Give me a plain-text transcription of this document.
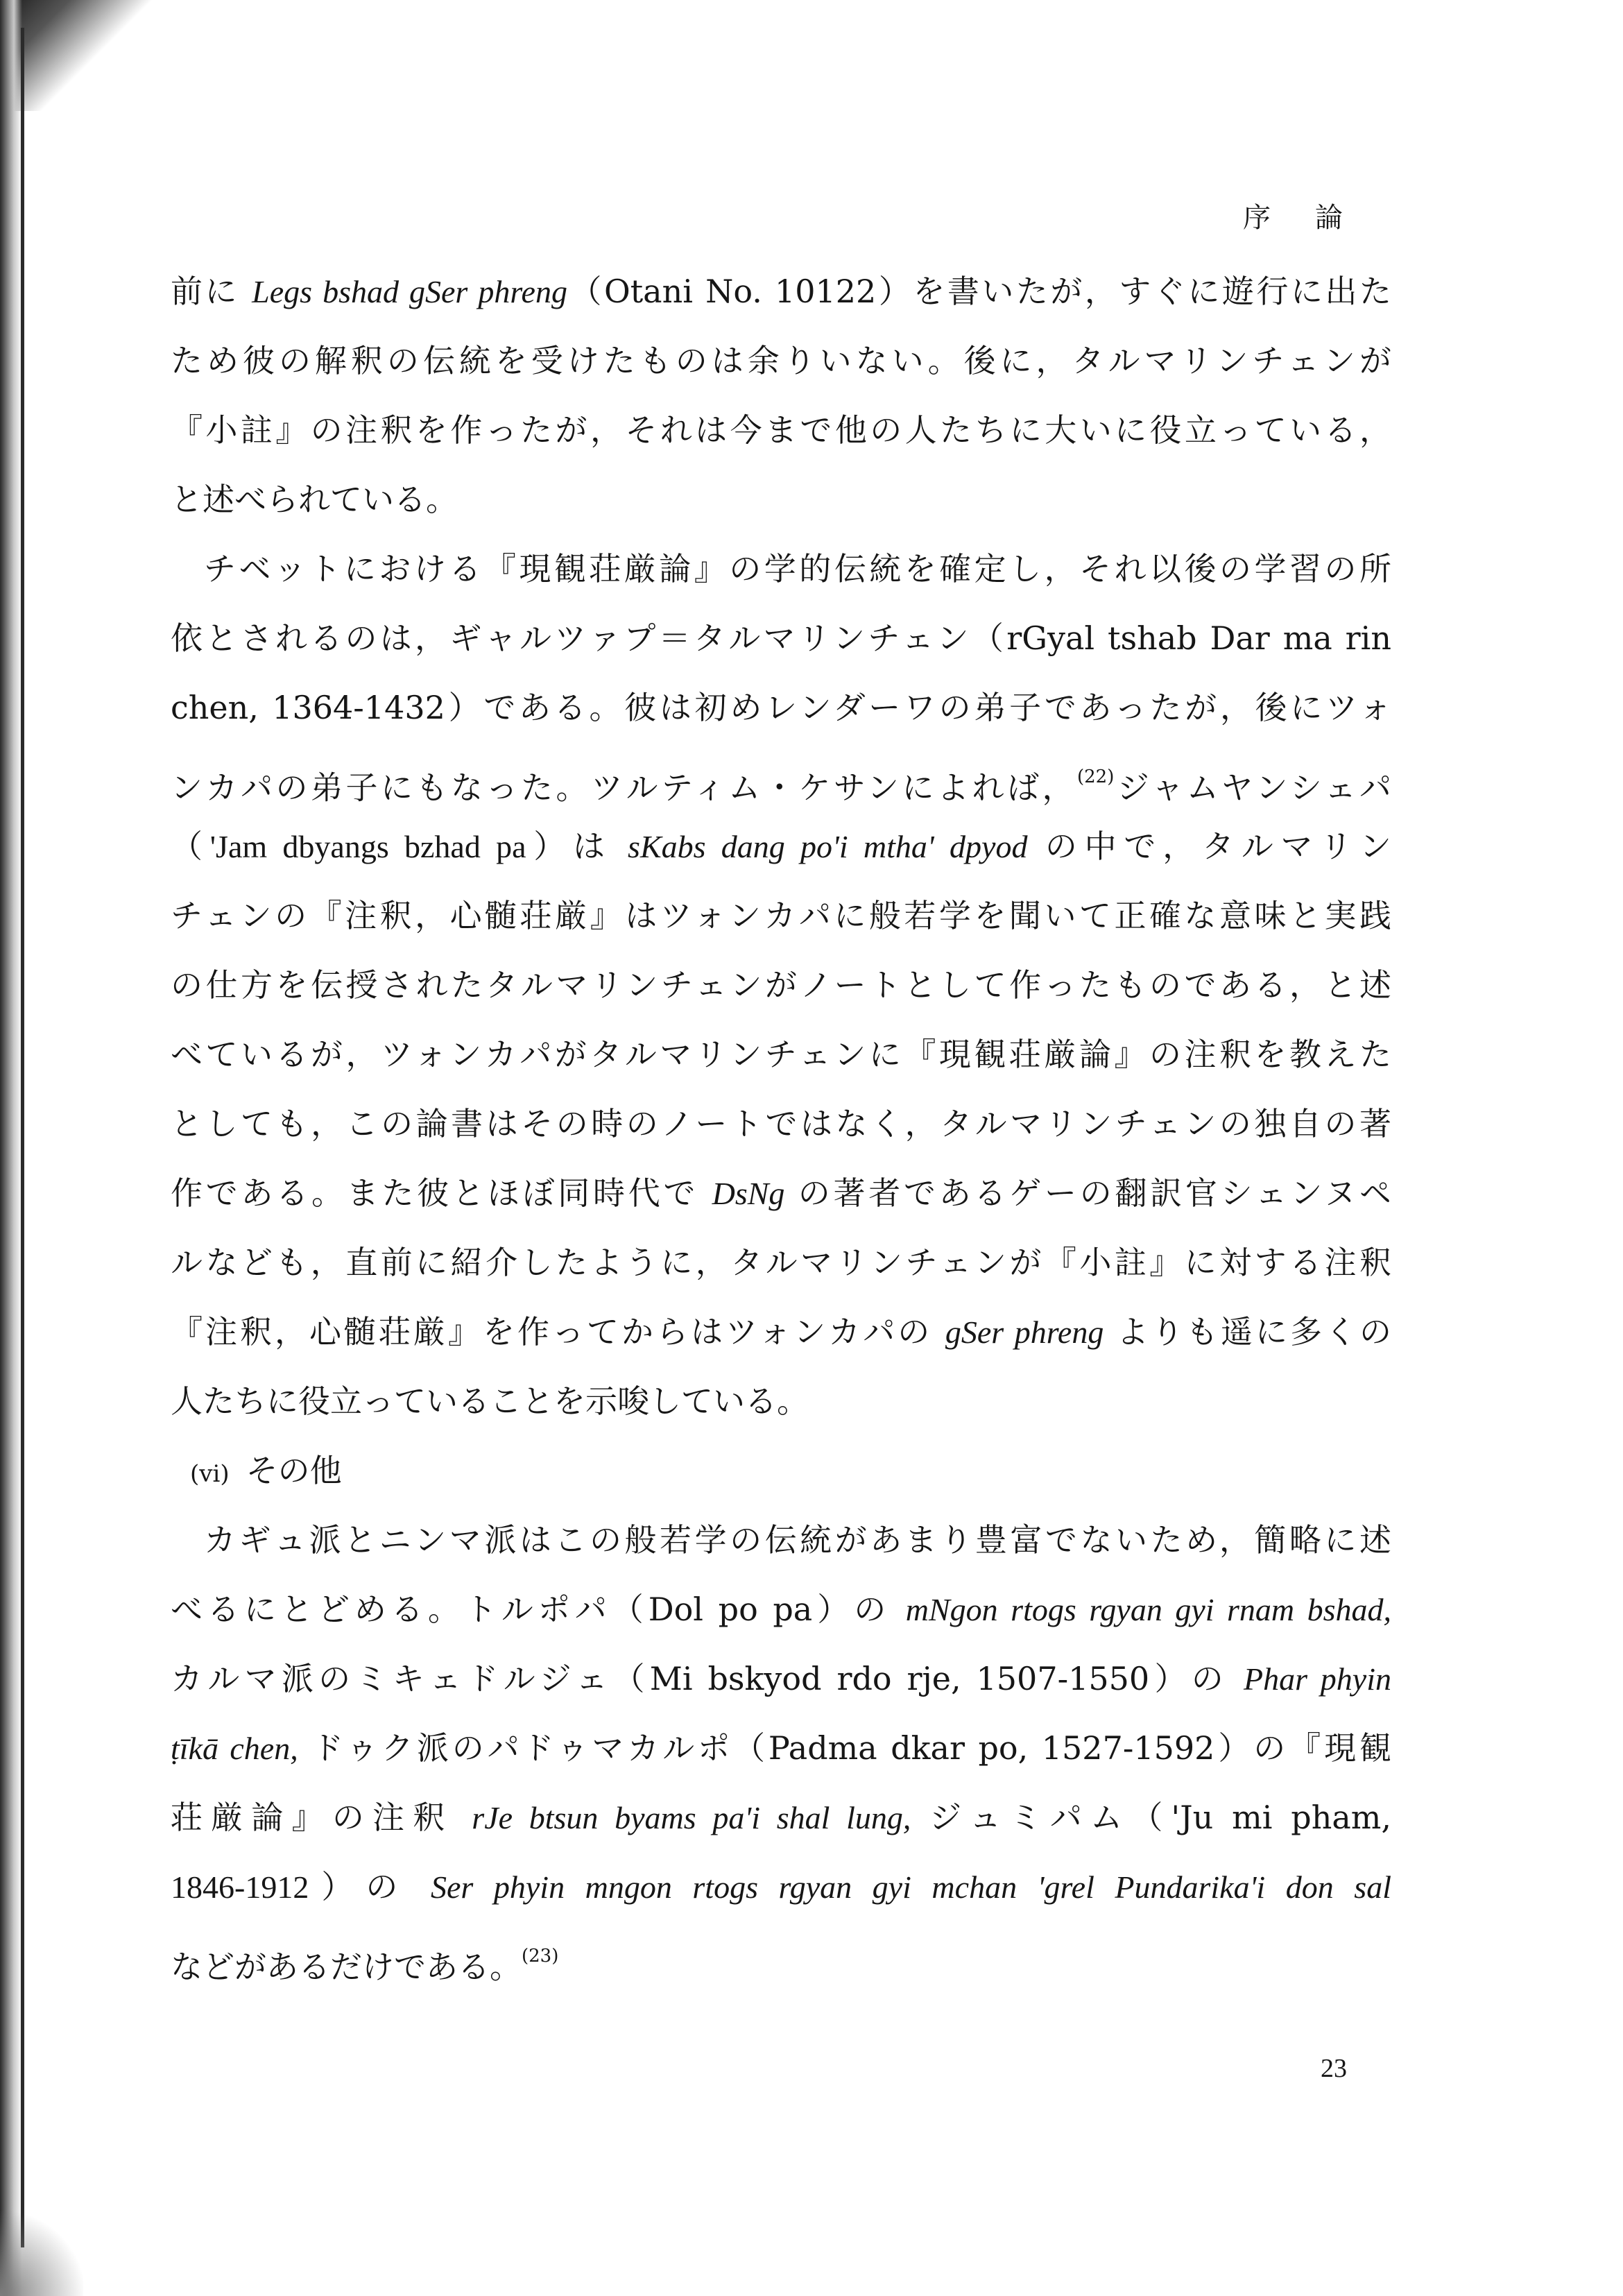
序論
前に Legs bshad gSer phreng（Otani No. 10122）を書いたが，すぐに遊行に出た
ため彼の解釈の伝統を受けたものは余りいない。後に，タルマリンチェンが
『小註』の注釈を作ったが，それは今まで他の人たちに大いに役立っている，
と述べられている。
チベットにおける『現観荘厳論』の学的伝統を確定し，それ以後の学習の所
依とされるのは，ギャルツァプ＝タルマリンチェン（rGyal tshab Dar ma rin
chen, 1364-1432）である。彼は初めレンダーワの弟子であったが，後にツォ
ンカパの弟子にもなった。ツルティム・ケサンによれば，$^{(22)}$ジャムヤンシェパ
（'Jam dbyangs bzhad pa）は sKabs dang po'i mtha' dpyod の中で，タルマリン
チェンの『注釈，心髄荘厳』はツォンカパに般若学を聞いて正確な意味と実践
の仕方を伝授されたタルマリンチェンがノートとして作ったものである，と述
べているが，ツォンカパがタルマリンチェンに『現観荘厳論』の注釈を教えた
としても，この論書はその時のノートではなく，タルマリンチェンの独自の著
作である。また彼とほぼ同時代で DsNg の著者であるゲーの翻訳官シェンヌペ
ルなども，直前に紹介したように，タルマリンチェンが『小註』に対する注釈
『注釈，心髄荘厳』を作ってからはツォンカパの gSer phreng よりも遥に多くの
人たちに役立っていることを示唆している。
(vi) その他
カギュ派とニンマ派はこの般若学の伝統があまり豊富でないため，簡略に述
べるにとどめる。トルポパ（Dol po pa）の mNgon rtogs rgyan gyi rnam bshad,
カルマ派のミキェドルジェ（Mi bskyod rdo rje, 1507-1550）の Phar phyin
ṭīkā chen, ドゥク派のパドゥマカルポ（Padma dkar po, 1527-1592）の『現観
荘厳論』の注釈 rJe btsun byams pa'i shal lung, ジュミパム（'Ju mi pham,
1846-1912）の Ser phyin mngon rtogs rgyan gyi mchan 'grel Pundarika'i don sal
などがあるだけである。$^{(23)}$
23
